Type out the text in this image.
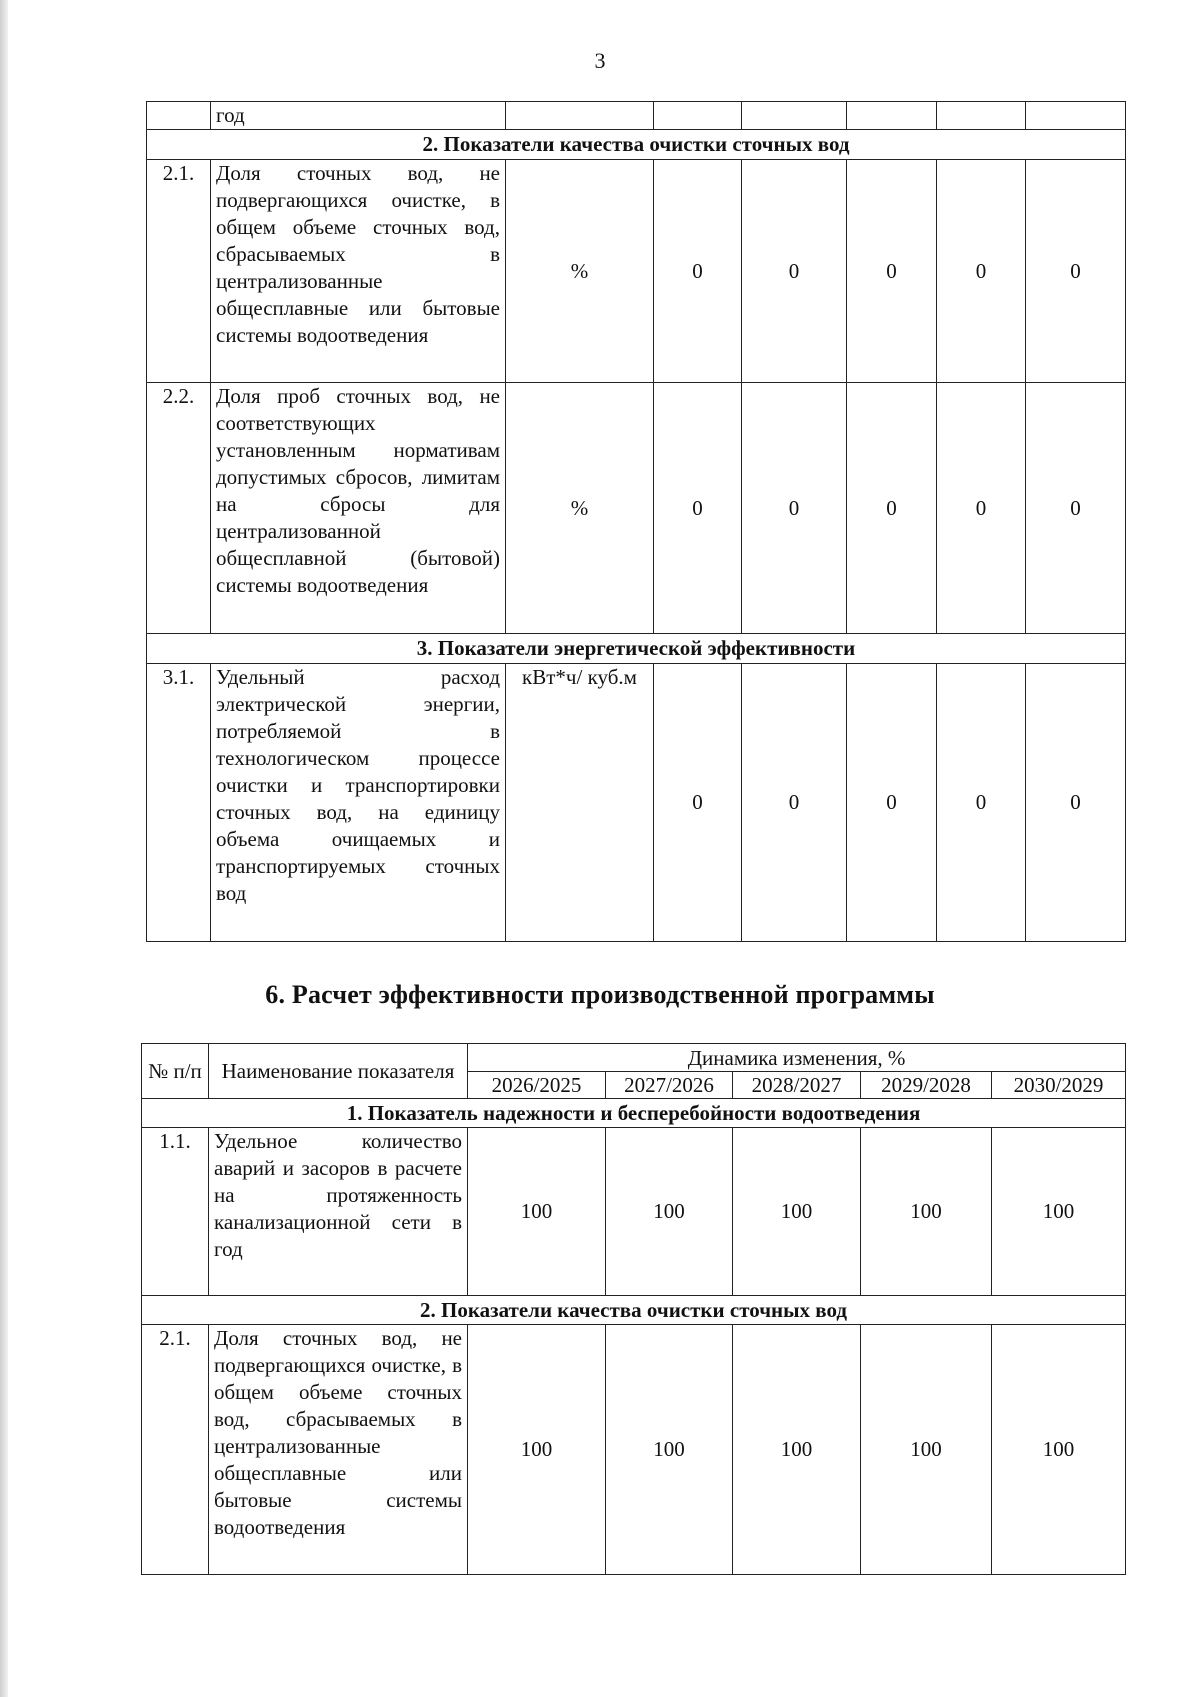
3
	год						
2. Показатели качества очистки сточных вод							
2.1.	Доля сточных вод, не подвергающихся очистке, в общем объеме сточных вод, сбрасываемых в централизованные общесплавные или бытовые системы водоотведения	%	0	0	0	0	0
2.2.	Доля проб сточных вод, не соответствующих установленным нормативам допустимых сбросов, лимитам на сбросы для централизованной общесплавной (бытовой) системы водоотведения	%	0	0	0	0	0
3. Показатели энергетической эффективности							
3.1.	Удельный расход электрической энергии, потребляемой в технологическом процессе очистки и транспортировки сточных вод, на единицу объема очищаемых и транспортируемых сточных вод	кВт*ч/ куб.м	0	0	0	0	0
6. Расчет эффективности производственной программы
№ п/п	Наименование показателя	Динамика изменения, %				
		2026/2025	2027/2026	2028/2027	2029/2028	2030/2029
1. Показатель надежности и бесперебойности водоотведения						
1.1.	Удельное количество аварий и засоров в расчете на протяженность канализационной сети в год	100	100	100	100	100
2. Показатели качества очистки сточных вод						
2.1.	Доля сточных вод, не подвергающихся очистке, в общем объеме сточных вод, сбрасываемых в централизованные общесплавные или бытовые системы водоотведения	100	100	100	100	100
